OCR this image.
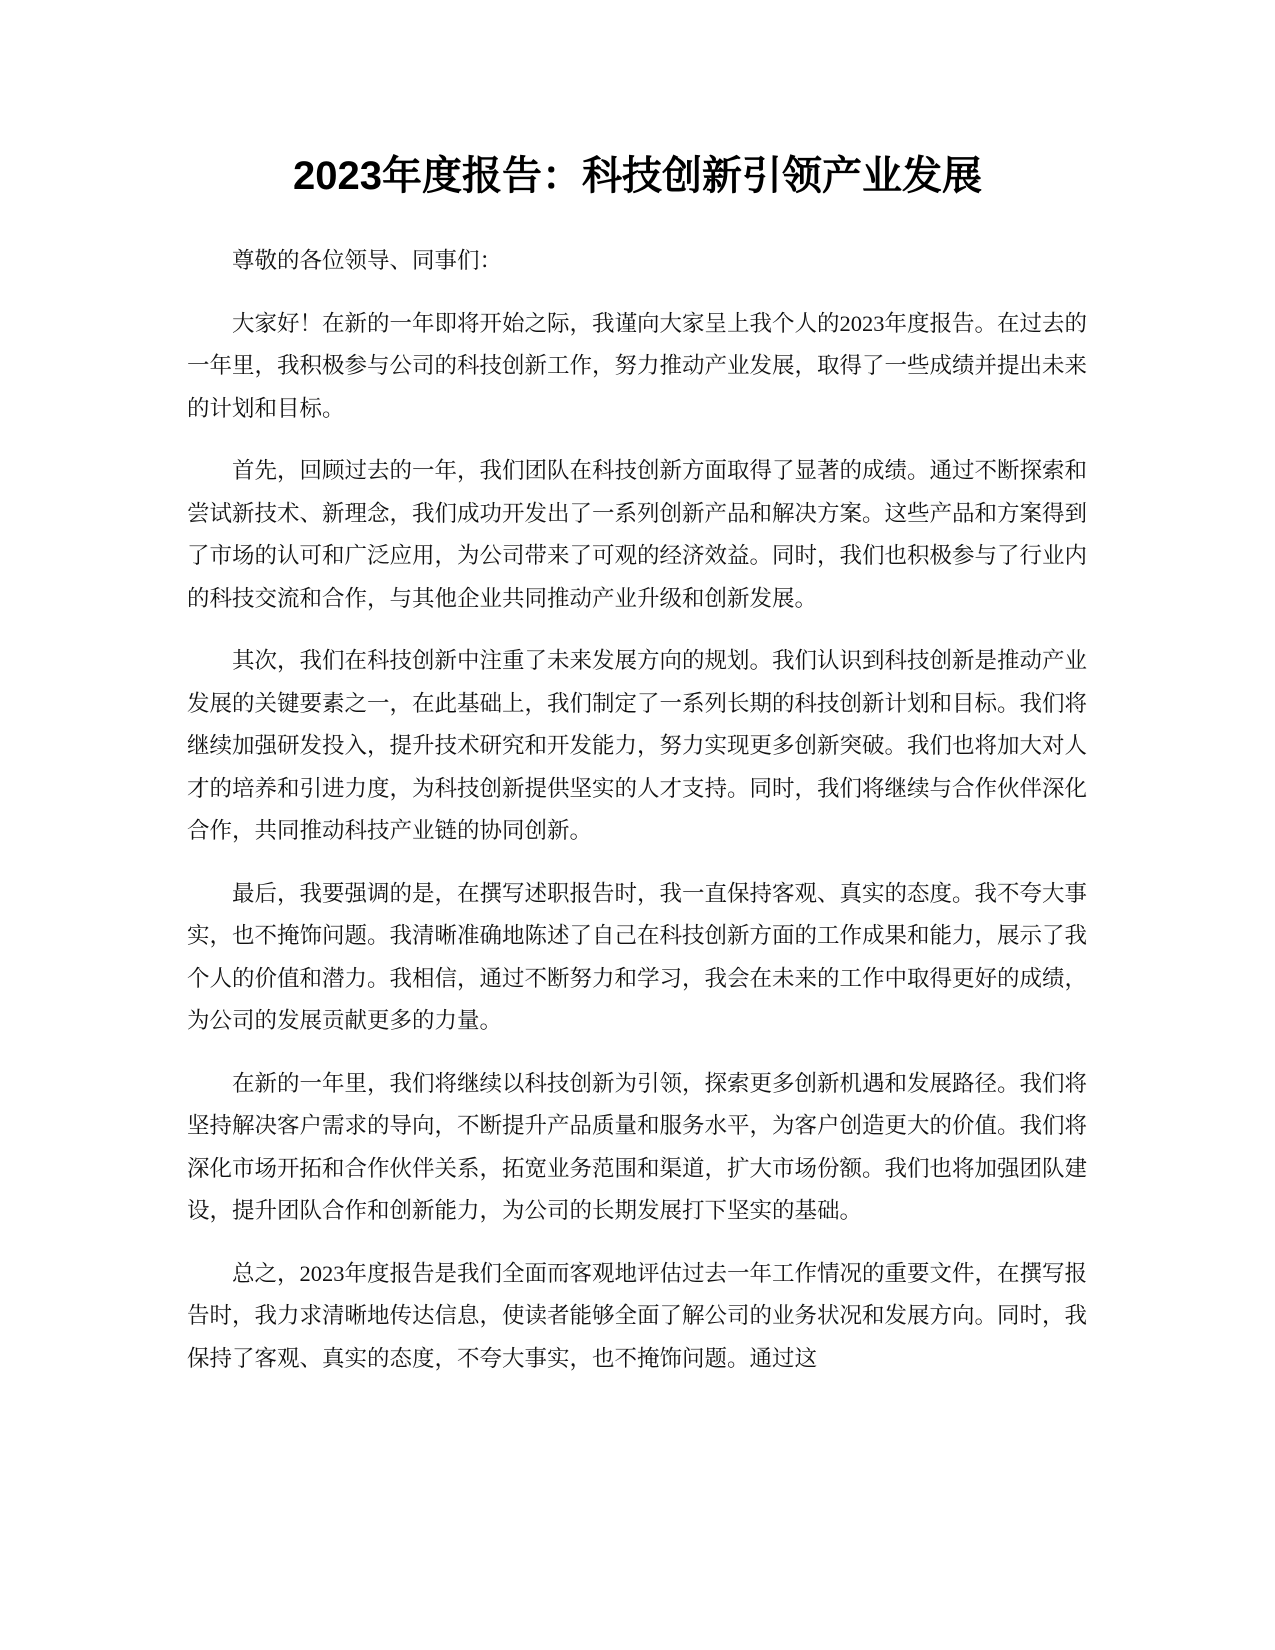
2023年度报告：科技创新引领产业发展

尊敬的各位领导、同事们：

大家好！在新的一年即将开始之际，我谨向大家呈上我个人的2023年度报告。在过去的一年里，我积极参与公司的科技创新工作，努力推动产业发展，取得了一些成绩并提出未来的计划和目标。

首先，回顾过去的一年，我们团队在科技创新方面取得了显著的成绩。通过不断探索和尝试新技术、新理念，我们成功开发出了一系列创新产品和解决方案。这些产品和方案得到了市场的认可和广泛应用，为公司带来了可观的经济效益。同时，我们也积极参与了行业内的科技交流和合作，与其他企业共同推动产业升级和创新发展。

其次，我们在科技创新中注重了未来发展方向的规划。我们认识到科技创新是推动产业发展的关键要素之一，在此基础上，我们制定了一系列长期的科技创新计划和目标。我们将继续加强研发投入，提升技术研究和开发能力，努力实现更多创新突破。我们也将加大对人才的培养和引进力度，为科技创新提供坚实的人才支持。同时，我们将继续与合作伙伴深化合作，共同推动科技产业链的协同创新。

最后，我要强调的是，在撰写述职报告时，我一直保持客观、真实的态度。我不夸大事实，也不掩饰问题。我清晰准确地陈述了自己在科技创新方面的工作成果和能力，展示了我个人的价值和潜力。我相信，通过不断努力和学习，我会在未来的工作中取得更好的成绩，为公司的发展贡献更多的力量。

在新的一年里，我们将继续以科技创新为引领，探索更多创新机遇和发展路径。我们将坚持解决客户需求的导向，不断提升产品质量和服务水平，为客户创造更大的价值。我们将深化市场开拓和合作伙伴关系，拓宽业务范围和渠道，扩大市场份额。我们也将加强团队建设，提升团队合作和创新能力，为公司的长期发展打下坚实的基础。

总之，2023年度报告是我们全面而客观地评估过去一年工作情况的重要文件，在撰写报告时，我力求清晰地传达信息，使读者能够全面了解公司的业务状况和发展方向。同时，我保持了客观、真实的态度，不夸大事实，也不掩饰问题。通过这
